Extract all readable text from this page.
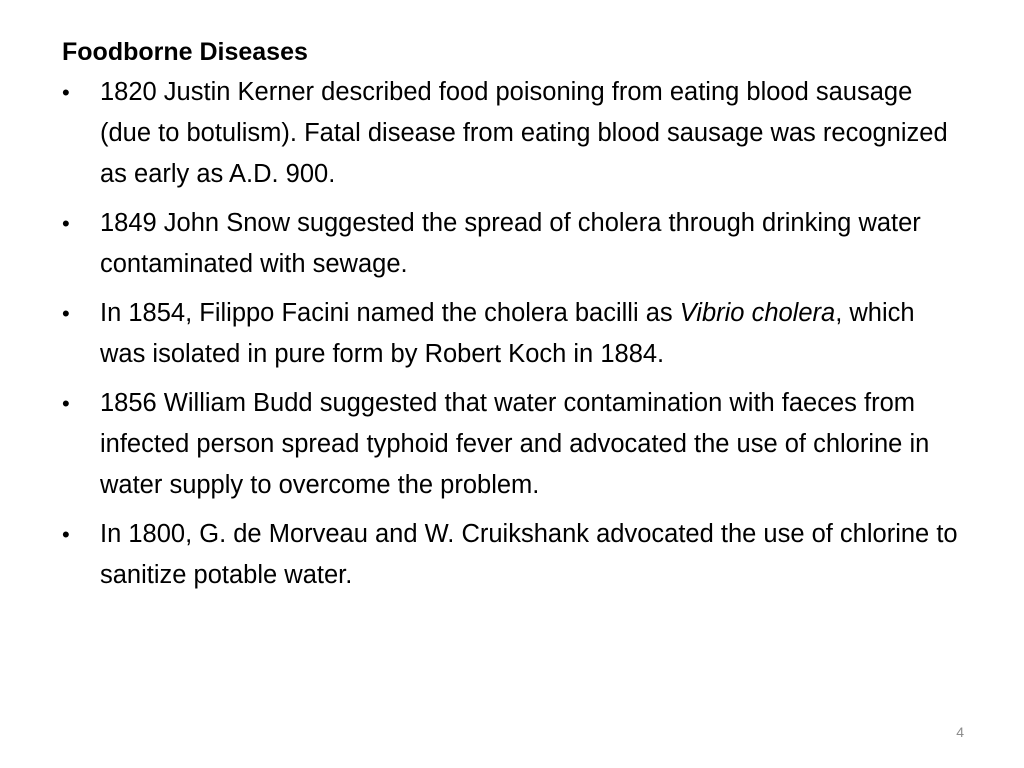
Foodborne Diseases
•	1820 Justin Kerner described food poisoning from eating blood sausage (due to botulism). Fatal disease from eating blood sausage was recognized as early as A.D. 900.
•	1849 John Snow suggested the spread of cholera through drinking water contaminated with sewage.
•	In 1854, Filippo Facini named the cholera bacilli as Vibrio cholera, which was isolated in pure form by Robert Koch in 1884.
•	1856 William Budd suggested that water contamination with faeces from infected person spread typhoid fever and advocated the use of chlorine in water supply to overcome the problem.
•	In 1800, G. de Morveau and W. Cruikshank advocated the use of chlorine to sanitize potable water.
4
